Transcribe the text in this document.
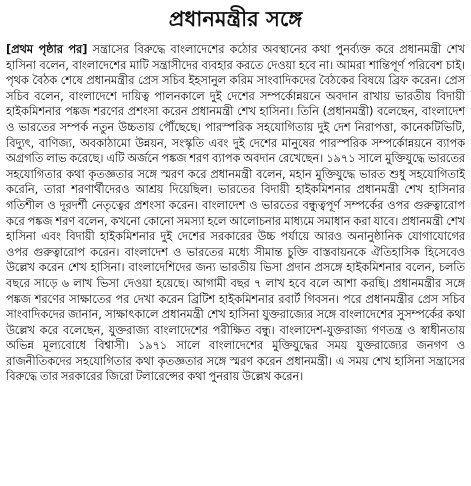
প্রধানমন্ত্রীর সঙ্গে

[প্রথম পৃষ্ঠার পর] সন্ত্রাসের বিরুদ্ধে বাংলাদেশের কঠোর অবস্থানের কথা পুনর্ব্যক্ত করে প্রধানমন্ত্রী শেখ হাসিনা বলেন, বাংলাদেশের মাটি সন্ত্রাসীদের ব্যবহার করতে দেওয়া হবে না। আমরা শান্তিপূর্ণ পরিবেশ চাই। পৃথক বৈঠক শেষে প্রধানমন্ত্রীর প্রেস সচিব ইহসানুল করিম সাংবাদিকদের বৈঠকের বিষয়ে ব্রিফ করেন। প্রেস সচিব বলেন, বাংলাদেশে দায়িত্ব পালনকালে দুই দেশের সম্পর্কোন্নয়নে অবদান রাখায় ভারতীয় বিদায়ী হাইকমিশনার পঙ্কজ শরণের প্রশংসা করেন প্রধানমন্ত্রী শেখ হাসিনা। তিনি (প্রধানমন্ত্রী) বলেছেন, বাংলাদেশ ও ভারতের সম্পর্ক নতুন উচ্চতায় পৌঁছেছে। পারস্পরিক সহযোগিতায় দুই দেশ নিরাপত্তা, কানেকটিভিটি, বিদ্যুৎ, বাণিজ্য, অবকাঠামো উন্নয়ন, সংস্কৃতি এবং দুই দেশের মানুষের পারস্পরিক সম্পর্কোন্নয়নে ব্যাপক অগ্রগতি লাভ করেছে। এটি অর্জনে পঙ্কজ শরণ ব্যাপক অবদান রেখেছেন। ১৯৭১ সালে মুক্তিযুদ্ধে ভারতের সহযোগিতার কথা কৃতজ্ঞতার সঙ্গে স্মরণ করে প্রধানমন্ত্রী বলেন, মহান মুক্তিযুদ্ধে ভারত শুধু সহযোগিতাই করেনি, তারা শরণার্থীদেরও আশ্রয় দিয়েছিল। ভারতের বিদায়ী হাইকমিশনার প্রধানমন্ত্রী শেখ হাসিনার গতিশীল ও দূরদর্শী নেতৃত্বের প্রশংসা করেন। বাংলাদেশ ও ভারতের বন্ধুত্বপূর্ণ সম্পর্কের ওপর গুরুত্বারোপ করে পঙ্কজ শরণ বলেন, কখনো কোনো সমস্যা হলে আলোচনার মাধ্যমে সমাধান করা যাবে। প্রধানমন্ত্রী শেখ হাসিনা এবং বিদায়ী হাইকমিশনার দুই দেশের সরকারের উচ্চ পর্যায়ে আরও অনানুষ্ঠানিক যোগাযোগের ওপর গুরুত্বারোপ করেন। বাংলাদেশ ও ভারতের মধ্যে সীমান্ত চুক্তি বাস্তবায়নকে ঐতিহাসিক হিসেবেও উল্লেখ করেন শেখ হাসিনা। বাংলাদেশিদের জন্য ভারতীয় ভিসা প্রদান প্রসঙ্গে হাইকমিশনার বলেন, চলতি বছরে সাড়ে ৬ লাখ ভিসা দেওয়া হয়েছে। আগামী বছর ৭ লাখ হবে বলে আশা করছি। প্রধানমন্ত্রীর সঙ্গে পঙ্কজ শরণের সাক্ষাতের পর দেখা করেন ব্রিটিশ হাইকমিশনার রবার্ট গিবসন। পরে প্রধানমন্ত্রীর প্রেস সচিব সাংবাদিকদের জানান, সাক্ষাৎকালে প্রধানমন্ত্রী শেখ হাসিনা যুক্তরাজ্যের সঙ্গে বাংলাদেশের সুসম্পর্কের কথা উল্লেখ করে বলেছেন, যুক্তরাজ্য বাংলাদেশের পরীক্ষিত বন্ধু। বাংলাদেশ-যুক্তরাজ্য গণতন্ত্র ও স্বাধীনতায় অভিন্ন মূল্যবোধে বিশ্বাসী। ১৯৭১ সালে বাংলাদেশের মুক্তিযুদ্ধের সময় যুক্তরাজ্যের জনগণ ও রাজনীতিকদের সহযোগিতার কথা কৃতজ্ঞতার সঙ্গে স্মরণ করেন প্রধানমন্ত্রী। এ সময় শেখ হাসিনা সন্ত্রাসের বিরুদ্ধে তার সরকারের জিরো টলারেন্সের কথা পুনরায় উল্লেখ করেন।
